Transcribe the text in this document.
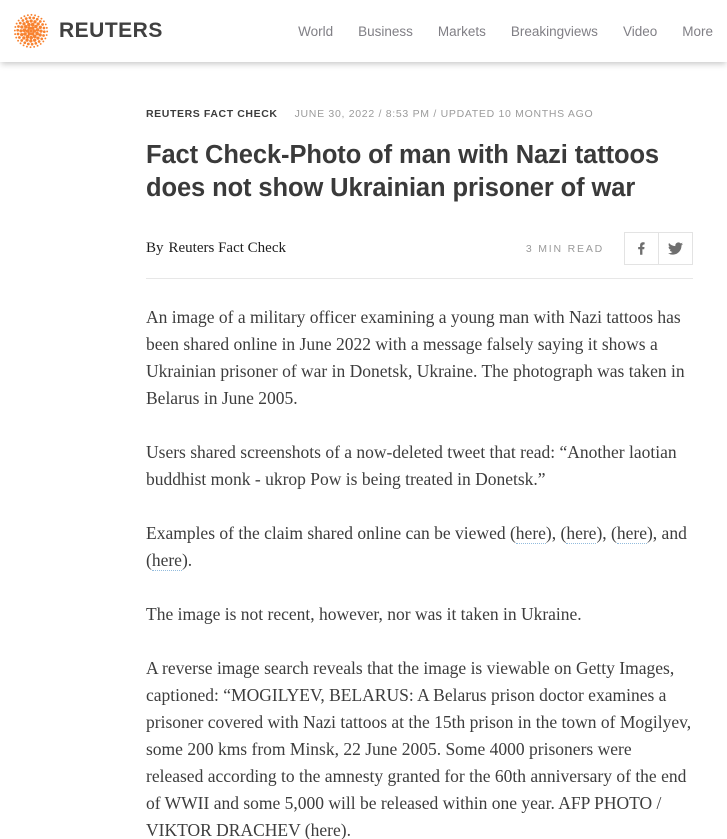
REUTERS	World Business Markets Breakingviews Video More
REUTERS FACT CHECK JUNE 30, 2022 / 8:53 PM / UPDATED 10 MONTHS AGO
Fact Check-Photo of man with Nazi tattoos does not show Ukrainian prisoner of war
By Reuters Fact Check	3 MIN READ

An image of a military officer examining a young man with Nazi tattoos has been shared online in June 2022 with a message falsely saying it shows a Ukrainian prisoner of war in Donetsk, Ukraine. The photograph was taken in Belarus in June 2005.

Users shared screenshots of a now-deleted tweet that read: “Another laotian buddhist monk - ukrop Pow is being treated in Donetsk.”

Examples of the claim shared online can be viewed (here), (here), (here), and (here).

The image is not recent, however, nor was it taken in Ukraine.

A reverse image search reveals that the image is viewable on Getty Images, captioned: “MOGILYEV, BELARUS: A Belarus prison doctor examines a prisoner covered with Nazi tattoos at the 15th prison in the town of Mogilyev, some 200 kms from Minsk, 22 June 2005. Some 4000 prisoners were released according to the amnesty granted for the 60th anniversary of the end of WWII and some 5,000 will be released within one year. AFP PHOTO / VIKTOR DRACHEV (here).
